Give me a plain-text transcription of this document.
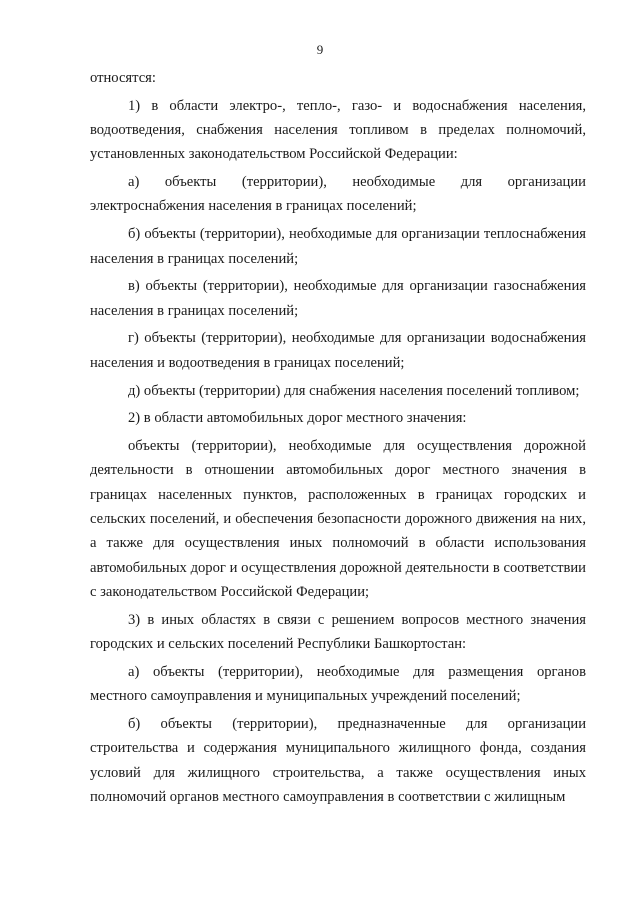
9

относятся:

1) в области электро-, тепло-, газо- и водоснабжения населения, водоотведения, снабжения населения топливом в пределах полномочий, установленных законодательством Российской Федерации:

а) объекты (территории), необходимые для организации электроснабжения населения в границах поселений;

б) объекты (территории), необходимые для организации теплоснабжения населения в границах поселений;

в) объекты (территории), необходимые для организации газоснабжения населения в границах поселений;

г) объекты (территории), необходимые для организации водоснабжения населения и водоотведения в границах поселений;

д) объекты (территории) для снабжения населения поселений топливом;

2) в области автомобильных дорог местного значения:

объекты (территории), необходимые для осуществления дорожной деятельности в отношении автомобильных дорог местного значения в границах населенных пунктов, расположенных в границах городских и сельских поселений, и обеспечения безопасности дорожного движения на них, а также для осуществления иных полномочий в области использования автомобильных дорог и осуществления дорожной деятельности в соответствии с законодательством Российской Федерации;

3) в иных областях в связи с решением вопросов местного значения городских и сельских поселений Республики Башкортостан:

а) объекты (территории), необходимые для размещения органов местного самоуправления и муниципальных учреждений поселений;

б) объекты (территории), предназначенные для организации строительства и содержания муниципального жилищного фонда, создания условий для жилищного строительства, а также осуществления иных полномочий органов местного самоуправления в соответствии с жилищным
